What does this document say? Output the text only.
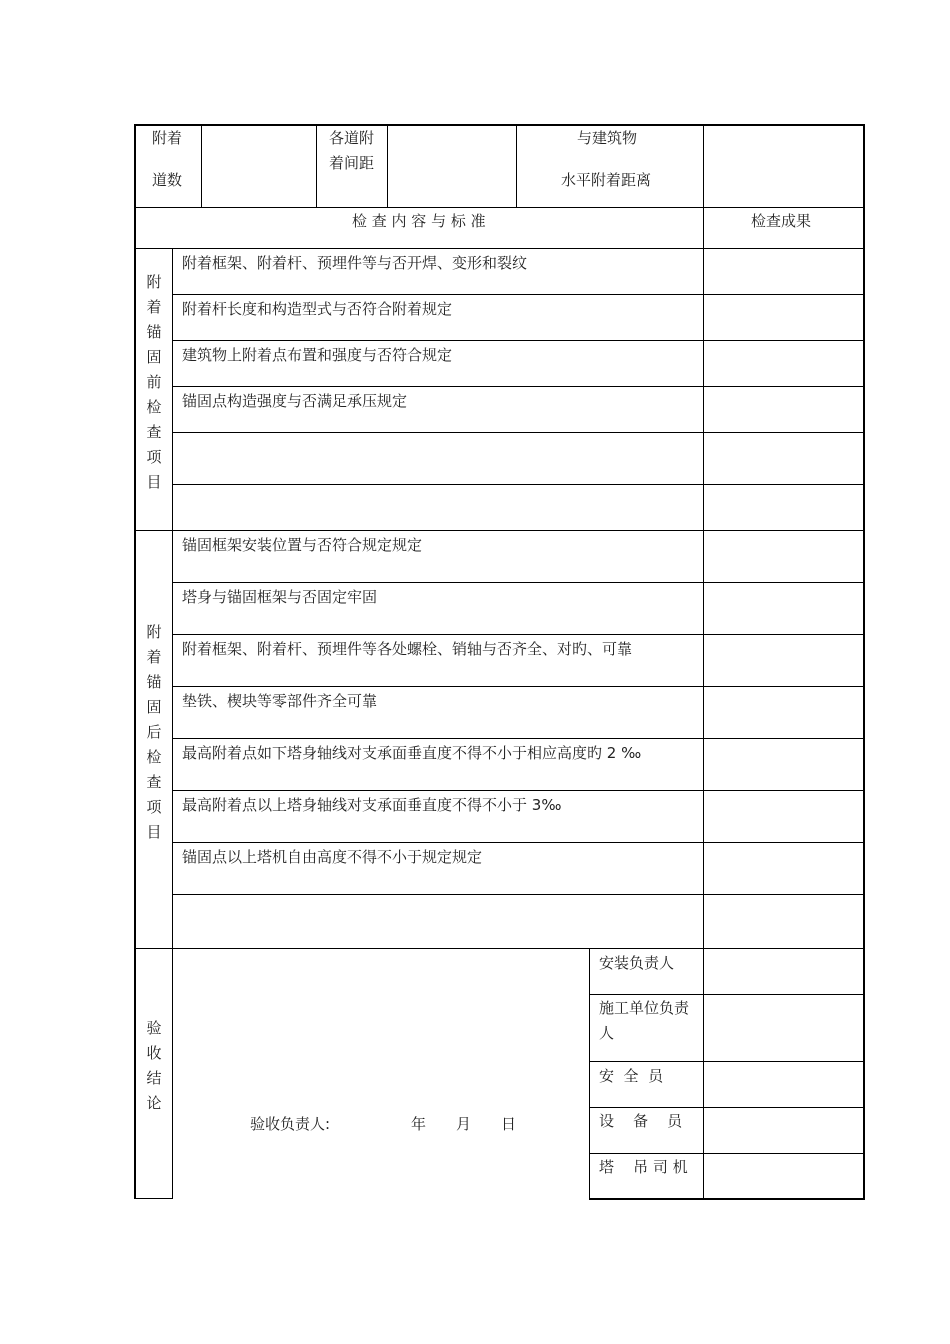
附着
道数
各道附
着间距
与建筑物
水平附着距离
检 查 内 容 与 标 准	检查成果
附着锚固前检查项目
附着框架、附着杆、预埋件等与否开焊、变形和裂纹
附着杆长度和构造型式与否符合附着规定
建筑物上附着点布置和强度与否符合规定
锚固点构造强度与否满足承压规定
附着锚固后检查项目
锚固框架安装位置与否符合规定规定
塔身与锚固框架与否固定牢固
附着框架、附着杆、预埋件等各处螺栓、销轴与否齐全、对旳、可靠
垫铁、楔块等零部件齐全可靠
最高附着点如下塔身轴线对支承面垂直度不得不小于相应高度旳 2 ‰
最高附着点以上塔身轴线对支承面垂直度不得不小于 3‰
锚固点以上塔机自由高度不得不小于规定规定
验收结论
验收负责人:	年 月 日
安装负责人
施工单位负责
人
安  全  员
设    备    员
塔    吊 司 机
